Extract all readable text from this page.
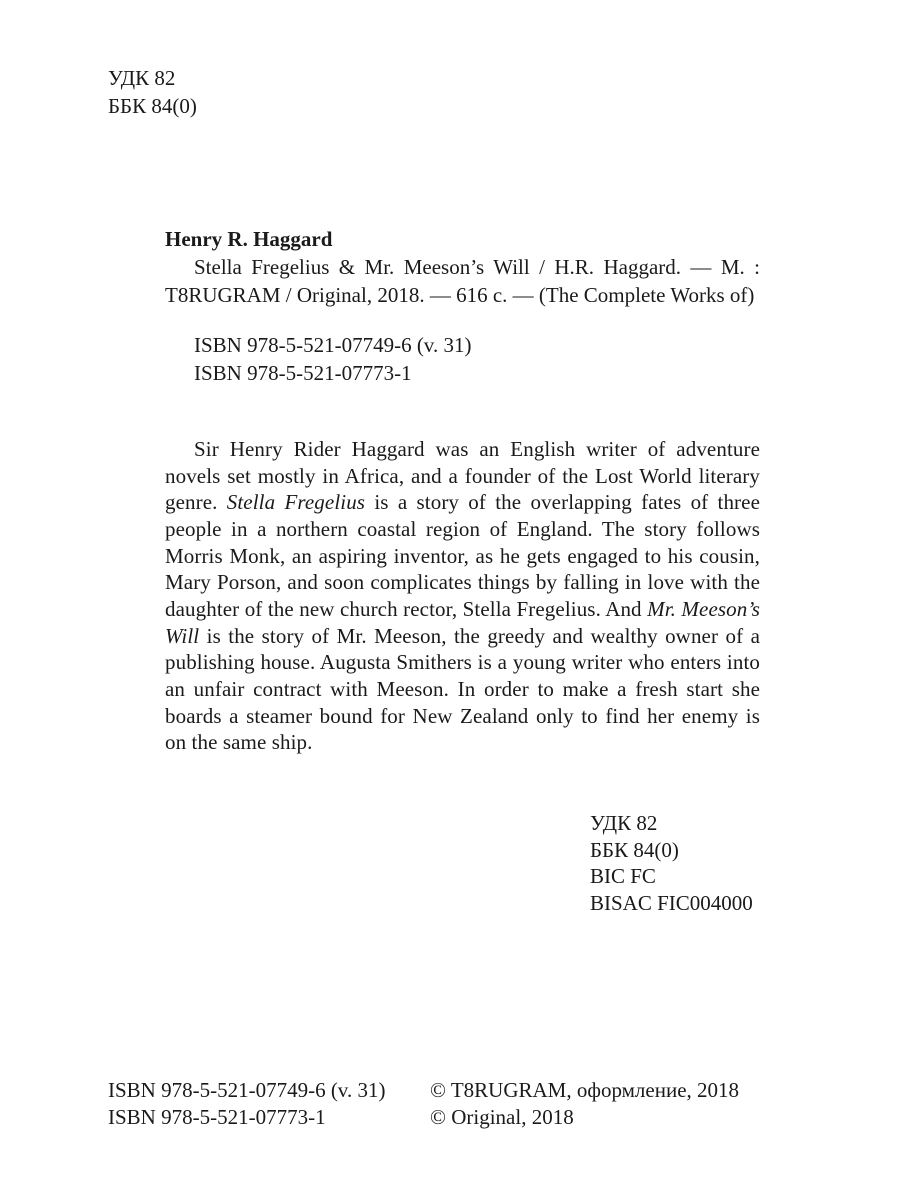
УДК 82
ББК 84(0)
Henry R. Haggard

Stella Fregelius & Mr. Meeson’s Will / H.R. Haggard. — M. : T8RUGRAM / Original, 2018. — 616 c. — (The Complete Works of)

ISBN 978-5-521-07749-6 (v. 31)
ISBN 978-5-521-07773-1

Sir Henry Rider Haggard was an English writer of adventure novels set mostly in Africa, and a founder of the Lost World literary genre. Stella Fregelius is a story of the overlapping fates of three people in a northern coastal region of England. The story follows Morris Monk, an aspiring inventor, as he gets engaged to his cousin, Mary Porson, and soon complicates things by falling in love with the daughter of the new church rector, Stella Fregelius. And Mr. Meeson’s Will is the story of Mr. Meeson, the greedy and wealthy owner of a publishing house. Augusta Smithers is a young writer who enters into an unfair contract with Meeson. In order to make a fresh start she boards a steamer bound for New Zealand only to find her enemy is on the same ship.

УДК 82
ББК 84(0)
BIC FC
BISAC FIC004000
ISBN 978-5-521-07749-6 (v. 31)
ISBN 978-5-521-07773-1
© T8RUGRAM, оформление, 2018
© Original, 2018
